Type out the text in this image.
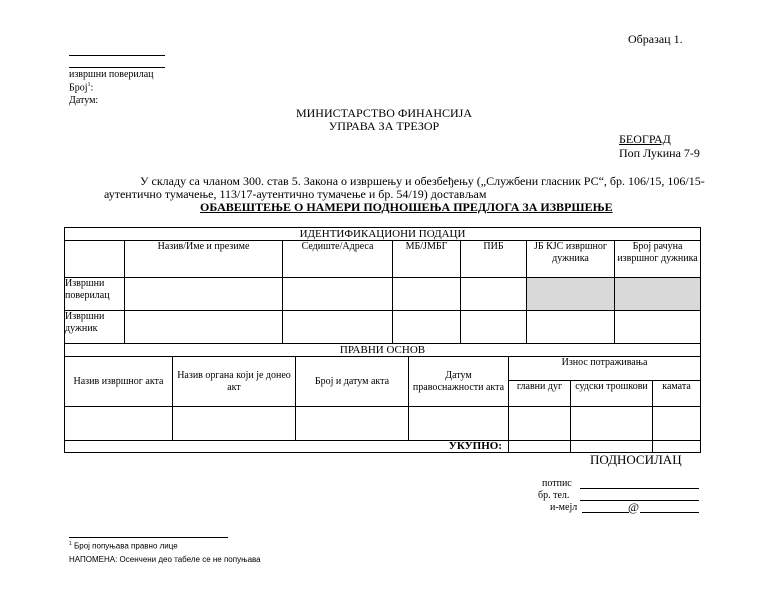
Образац 1.
извршни поверилац
Број$^1$:
Датум:
МИНИСТАРСТВО ФИНАНСИЈА
УПРАВА ЗА ТРЕЗОР
БЕОГРАД
Поп Лукина 7-9
У складу са чланом 300. став 5. Закона о извршењу и обезбеђењу („Службени гласник РС“, бр. 106/15, 106/15-
аутентично тумачење, 113/17-аутентично тумачење и бр. 54/19) достављам
ОБАВЕШТЕЊЕ О НАМЕРИ ПОДНОШЕЊА ПРЕДЛОГА ЗА ИЗВРШЕЊЕ
ИДЕНТИФИКАЦИОНИ ПОДАЦИ						
	Назив/Име и презиме	Седиште/Адреса	МБ/ЈМБГ	ПИБ	ЈБ КЈС извршног дужника	Број рачуна извршног дужника
Извршни поверилац						
Извршни дужник						
ПРАВНИ ОСНОВ						
Назив извршног акта	Назив органа који је донео акт	Број и датум акта	Датум правоснажности акта	Износ потраживања		
				главни дуг	судски трошкови	камата

УКУПНО:						
ПОДНОСИЛАЦ
потпис
бр. тел.
и-мејл	@
$^1$ Број попуњава правно лице
НАПОМЕНА: Осенчени део табеле се не попуњава
